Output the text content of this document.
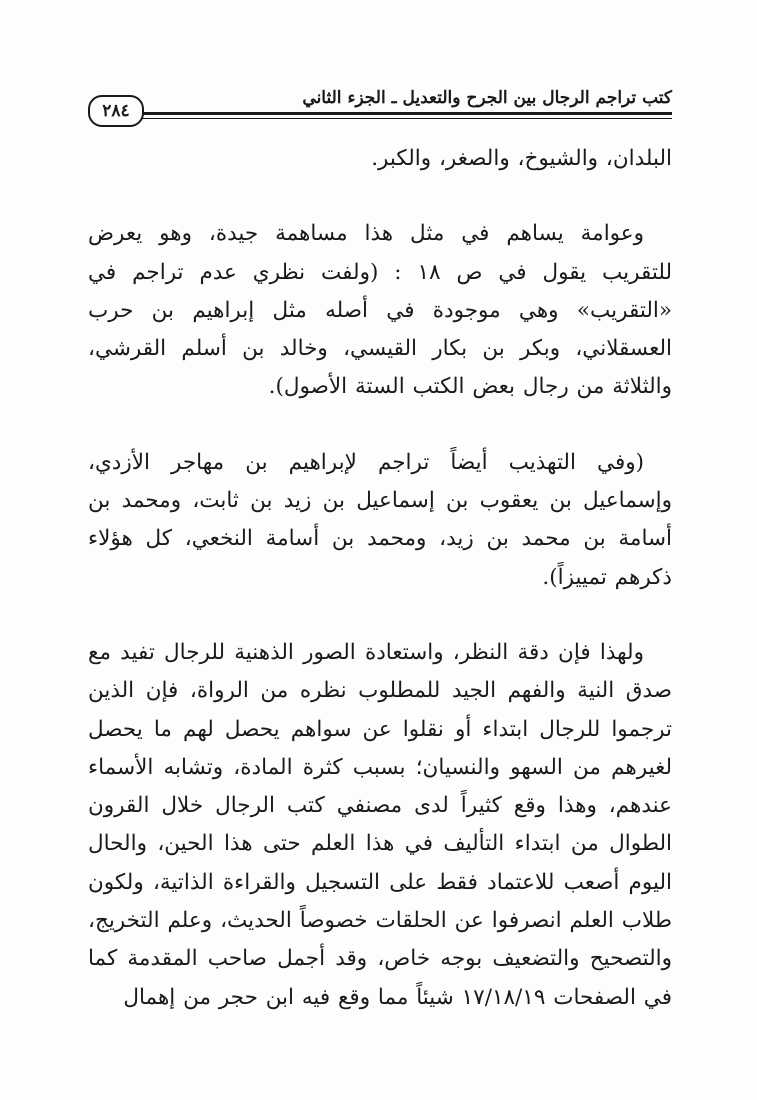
كتب تراجم الرجال بين الجرح والتعديل ـ الجزء الثاني
٢٨٤

البلدان، والشيوخ، والصغر، والكبر.

وعوامة يساهم في مثل هذا مساهمة جيدة، وهو يعرض للتقريب يقول في ص ١٨ : (ولفت نظري عدم تراجم في «التقريب» وهي موجودة في أصله مثل إبراهيم بن حرب العسقلاني، وبكر بن بكار القيسي، وخالد بن أسلم القرشي، والثلاثة من رجال بعض الكتب الستة الأصول).

(وفي التهذيب أيضاً تراجم لإبراهيم بن مهاجر الأزدي، وإسماعيل بن يعقوب بن إسماعيل بن زيد بن ثابت، ومحمد بن أسامة بن محمد بن زيد، ومحمد بن أسامة النخعي، كل هؤلاء ذكرهم تمييزاً).

ولهذا فإن دقة النظر، واستعادة الصور الذهنية للرجال تفيد مع صدق النية والفهم الجيد للمطلوب نظره من الرواة، فإن الذين ترجموا للرجال ابتداء أو نقلوا عن سواهم يحصل لهم ما يحصل لغيرهم من السهو والنسيان؛ بسبب كثرة المادة، وتشابه الأسماء عندهم، وهذا وقع كثيراً لدى مصنفي كتب الرجال خلال القرون الطوال من ابتداء التأليف في هذا العلم حتى هذا الحين، والحال اليوم أصعب للاعتماد فقط على التسجيل والقراءة الذاتية، ولكون طلاب العلم انصرفوا عن الحلقات خصوصاً الحديث، وعلم التخريج، والتصحيح والتضعيف بوجه خاص، وقد أجمل صاحب المقدمة كما في الصفحات ١٧/١٨/١٩ شيئاً مما وقع فيه ابن حجر من إهمال
